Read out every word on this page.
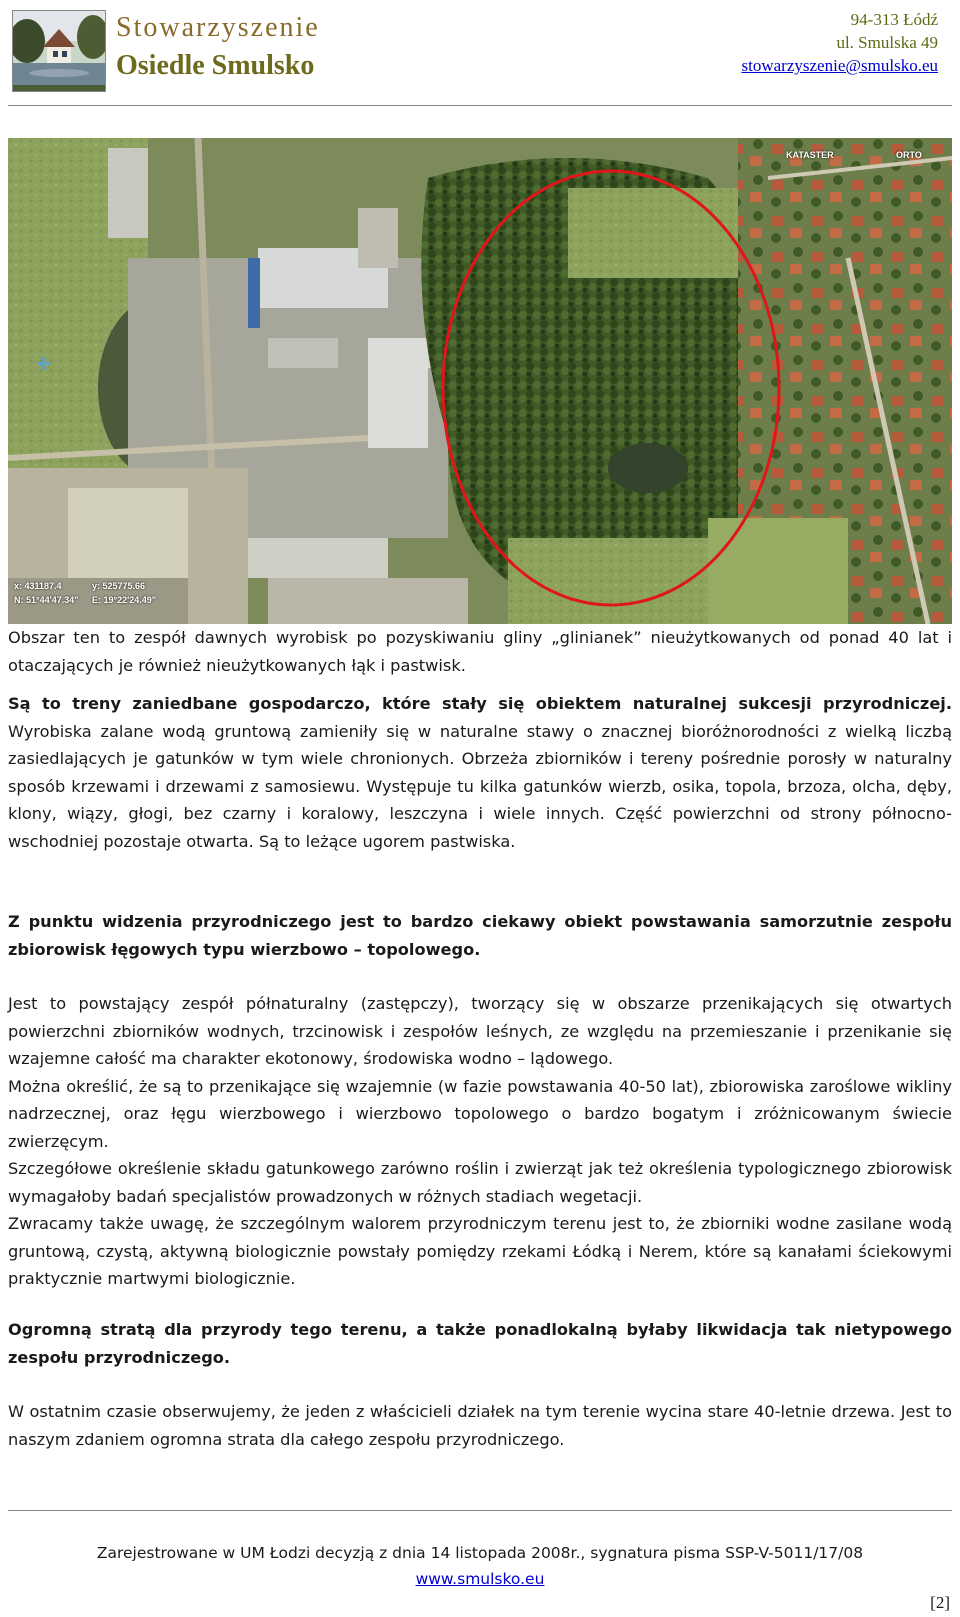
Stowarzyszenie
Osiedle Smulsko
94-313 Łódź
ul. Smulska 49
stowarzyszenie@smulsko.eu
✛
KATASTER	ORTO
x: 431187.4	y: 525775.66
N: 51°44'47.34" E: 19°22'24.49"

Obszar ten to zespół dawnych wyrobisk po pozyskiwaniu gliny „glinianek” nieużytkowanych od ponad 40 lat i otaczających je również nieużytkowanych łąk i pastwisk.

Są to treny zaniedbane gospodarczo, które stały się obiektem naturalnej sukcesji przyrodniczej. Wyrobiska zalane wodą gruntową zamieniły się w naturalne stawy o znacznej bioróżnorodności z wielką liczbą zasiedlających je gatunków w tym wiele chronionych. Obrzeża zbiorników i tereny pośrednie porosły w naturalny sposób krzewami i drzewami z samosiewu. Występuje tu kilka gatunków wierzb, osika, topola, brzoza, olcha, dęby, klony, wiązy, głogi, bez czarny i koralowy, leszczyna i wiele innych. Część powierzchni od strony północno-wschodniej pozostaje otwarta. Są to leżące ugorem pastwiska.

Z punktu widzenia przyrodniczego jest to bardzo ciekawy obiekt powstawania samorzutnie zespołu zbiorowisk łęgowych typu wierzbowo – topolowego.

Jest to powstający zespół półnaturalny (zastępczy), tworzący się w obszarze przenikających się otwartych powierzchni zbiorników wodnych, trzcinowisk i zespołów leśnych, ze względu na przemieszanie i przenikanie się wzajemne całość ma charakter ekotonowy, środowiska wodno – lądowego.

Można określić, że są to przenikające się wzajemnie (w fazie powstawania 40-50 lat), zbiorowiska zaroślowe wikliny nadrzecznej, oraz łęgu wierzbowego i wierzbowo topolowego o bardzo bogatym i zróżnicowanym świecie zwierzęcym.

Szczegółowe określenie składu gatunkowego zarówno roślin i zwierząt jak też określenia typologicznego zbiorowisk wymagałoby badań specjalistów prowadzonych w różnych stadiach wegetacji.

Zwracamy także uwagę, że szczególnym walorem przyrodniczym terenu jest to, że zbiorniki wodne zasilane wodą gruntową, czystą, aktywną biologicznie powstały pomiędzy rzekami Łódką i Nerem, które są kanałami ściekowymi praktycznie martwymi biologicznie.

Ogromną stratą dla przyrody tego terenu, a także ponadlokalną byłaby likwidacja tak nietypowego zespołu przyrodniczego.

W ostatnim czasie obserwujemy, że jeden z właścicieli działek na tym terenie wycina stare 40-letnie drzewa. Jest to naszym zdaniem ogromna strata dla całego zespołu przyrodniczego.

Zarejestrowane w UM Łodzi decyzją z dnia 14 listopada 2008r., sygnatura pisma SSP-V-5011/17/08
www.smulsko.eu
[2]
